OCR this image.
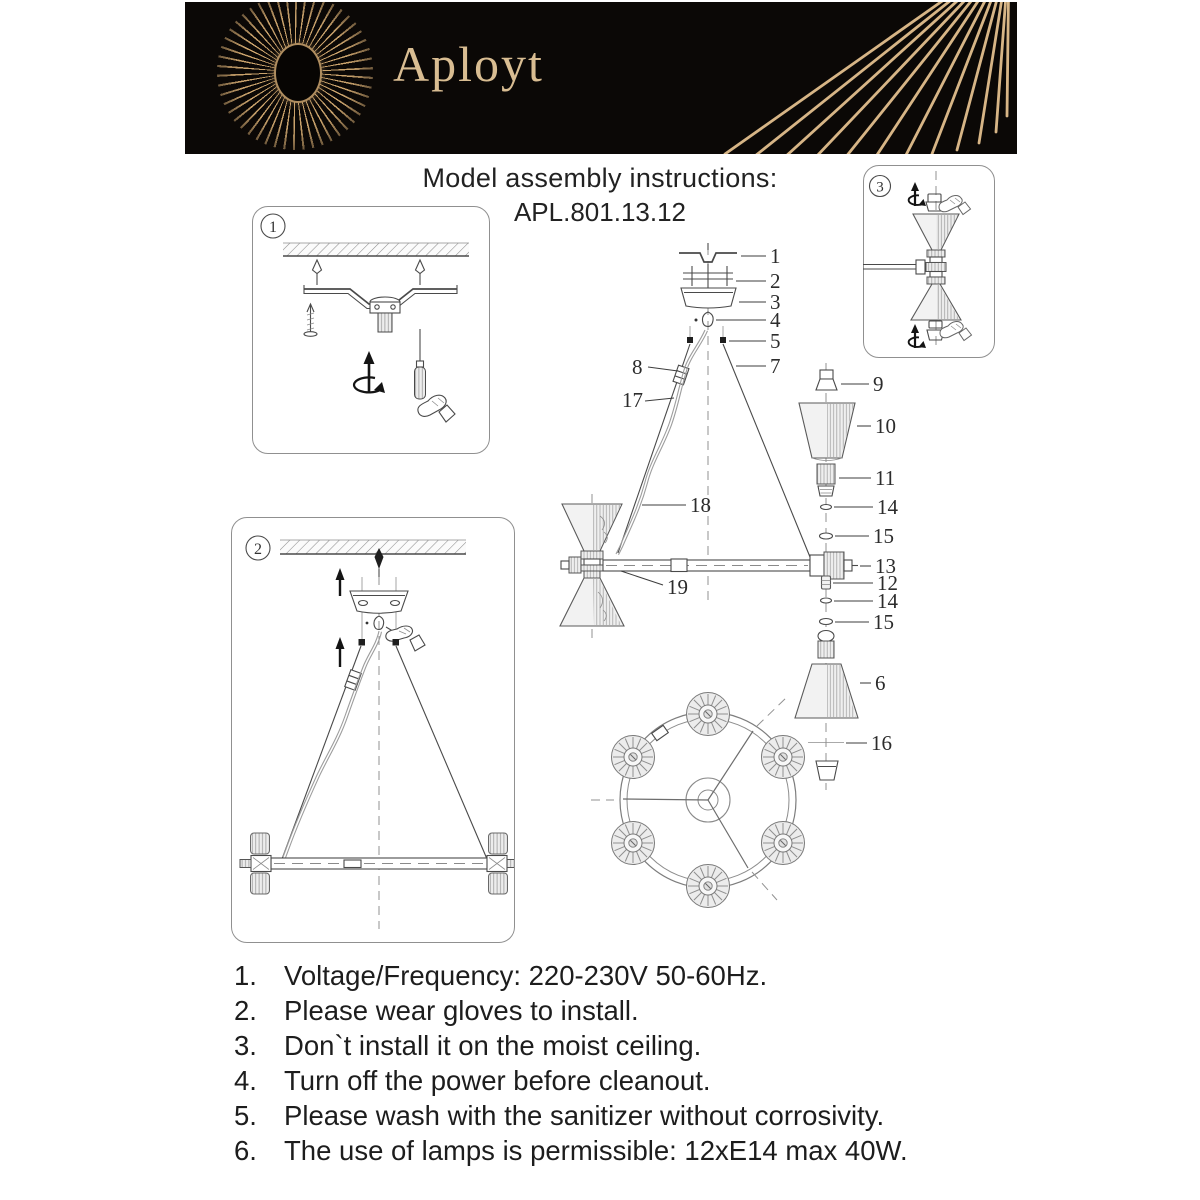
Aployt
Model assembly instructions:
APL.801.13.12
1
2
3
1
2
3
4
5
7
8
17
18
19
9
10
11
14
15
13
12
14
15
6
16
1. Voltage/Frequency: 220-230V 50-60Hz.
2. Please wear gloves to install.
3. Don`t install it on the moist ceiling.
4. Turn off the power before cleanout.
5. Please wash with the sanitizer without corrosivity.
6. The use of lamps is permissible: 12xE14 max 40W.
